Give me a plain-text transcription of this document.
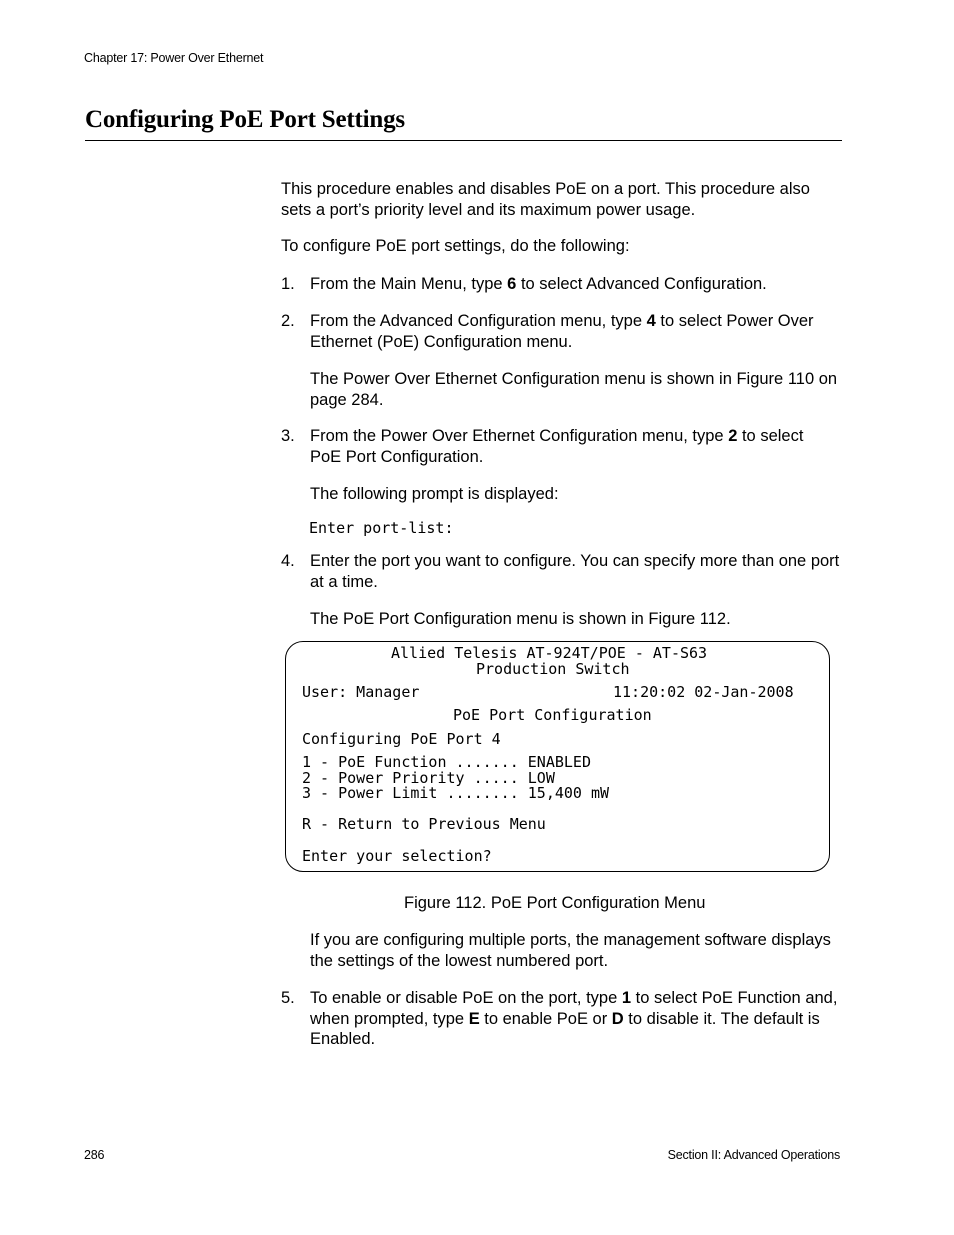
Chapter 17: Power Over Ethernet
Configuring PoE Port Settings
This procedure enables and disables PoE on a port. This procedure also sets a port’s priority level and its maximum power usage.
To configure PoE port settings, do the following:
1. From the Main Menu, type 6 to select Advanced Configuration.
2. From the Advanced Configuration menu, type 4 to select Power Over Ethernet (PoE) Configuration menu.
The Power Over Ethernet Configuration menu is shown in Figure 110 on page 284.
3. From the Power Over Ethernet Configuration menu, type 2 to select PoE Port Configuration.
The following prompt is displayed:
Enter port-list:
4. Enter the port you want to configure. You can specify more than one port at a time.
The PoE Port Configuration menu is shown in Figure 112.
Allied Telesis AT-924T/POE - AT-S63
Production Switch
User: Manager	11:20:02 02-Jan-2008
PoE Port Configuration
Configuring PoE Port 4
1 - PoE Function ....... ENABLED
2 - Power Priority ..... LOW
3 - Power Limit ........ 15,400 mW
R - Return to Previous Menu
Enter your selection?
Figure 112. PoE Port Configuration Menu
If you are configuring multiple ports, the management software displays the settings of the lowest numbered port.
5. To enable or disable PoE on the port, type 1 to select PoE Function and, when prompted, type E to enable PoE or D to disable it. The default is Enabled.
286	Section II: Advanced Operations
